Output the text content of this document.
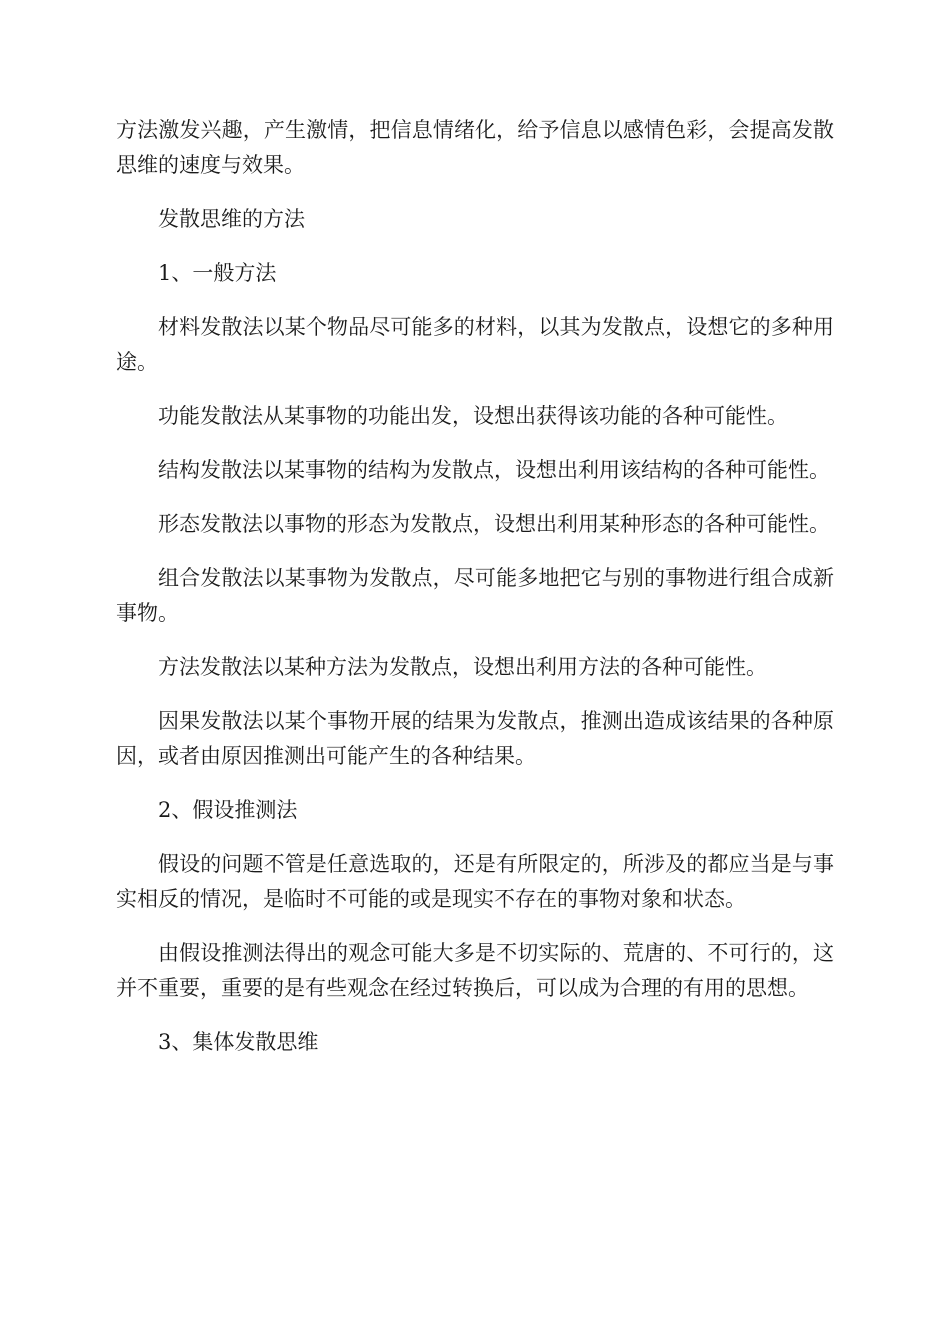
方法激发兴趣，产生激情，把信息情绪化，给予信息以感情色彩，会提高发散思维的速度与效果。

发散思维的方法

1、一般方法

材料发散法以某个物品尽可能多的材料，以其为发散点，设想它的多种用途。

功能发散法从某事物的功能出发，设想出获得该功能的各种可能性。

结构发散法以某事物的结构为发散点，设想出利用该结构的各种可能性。

形态发散法以事物的形态为发散点，设想出利用某种形态的各种可能性。

组合发散法以某事物为发散点，尽可能多地把它与别的事物进行组合成新事物。

方法发散法以某种方法为发散点，设想出利用方法的各种可能性。

因果发散法以某个事物开展的结果为发散点，推测出造成该结果的各种原因，或者由原因推测出可能产生的各种结果。

2、假设推测法

假设的问题不管是任意选取的，还是有所限定的，所涉及的都应当是与事实相反的情况，是临时不可能的或是现实不存在的事物对象和状态。

由假设推测法得出的观念可能大多是不切实际的、荒唐的、不可行的，这并不重要，重要的是有些观念在经过转换后，可以成为合理的有用的思想。

3、集体发散思维
